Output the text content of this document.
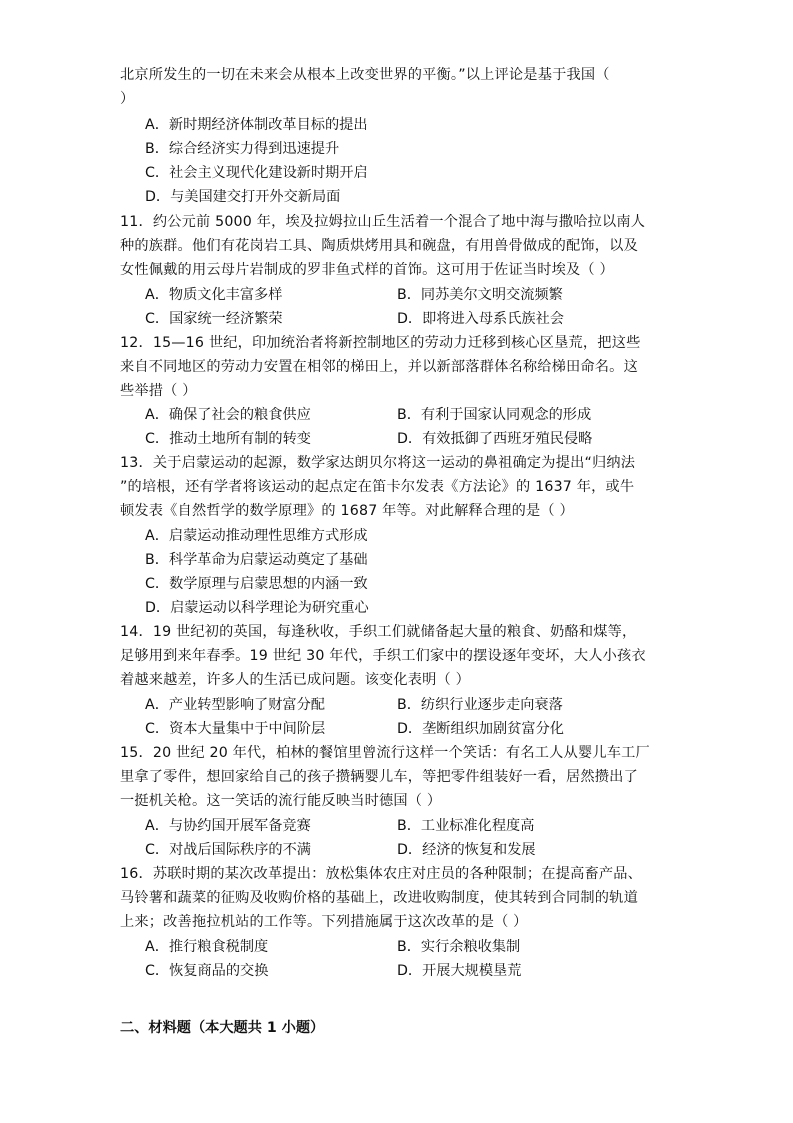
北京所发生的一切在未来会从根本上改变世界的平衡。”以上评论是基于我国（
）
A．新时期经济体制改革目标的提出
B．综合经济实力得到迅速提升
C．社会主义现代化建设新时期开启
D．与美国建交打开外交新局面
11．约公元前 5000 年，埃及拉姆拉山丘生活着一个混合了地中海与撒哈拉以南人
种的族群。他们有花岗岩工具、陶质烘烤用具和碗盘，有用兽骨做成的配饰，以及
女性佩戴的用云母片岩制成的罗非鱼式样的首饰。这可用于佐证当时埃及（ ）
A．物质文化丰富多样	B．同苏美尔文明交流频繁
C．国家统一经济繁荣	D．即将进入母系氏族社会
12．15—16 世纪，印加统治者将新控制地区的劳动力迁移到核心区垦荒，把这些
来自不同地区的劳动力安置在相邻的梯田上，并以新部落群体名称给梯田命名。这
些举措（ ）
A．确保了社会的粮食供应	B．有利于国家认同观念的形成
C．推动土地所有制的转变	D．有效抵御了西班牙殖民侵略
13．关于启蒙运动的起源，数学家达朗贝尔将这一运动的鼻祖确定为提出“归纳法
”的培根，还有学者将该运动的起点定在笛卡尔发表《方法论》的 1637 年，或牛
顿发表《自然哲学的数学原理》的 1687 年等。对此解释合理的是（ ）
A．启蒙运动推动理性思维方式形成
B．科学革命为启蒙运动奠定了基础
C．数学原理与启蒙思想的内涵一致
D．启蒙运动以科学理论为研究重心
14．19 世纪初的英国，每逢秋收，手织工们就储备起大量的粮食、奶酪和煤等，
足够用到来年春季。19 世纪 30 年代，手织工们家中的摆设逐年变坏，大人小孩衣
着越来越差，许多人的生活已成问题。该变化表明（ ）
A．产业转型影响了财富分配	B．纺织行业逐步走向衰落
C．资本大量集中于中间阶层	D．垄断组织加剧贫富分化
15．20 世纪 20 年代，柏林的餐馆里曾流行这样一个笑话：有名工人从婴儿车工厂
里拿了零件，想回家给自己的孩子攒辆婴儿车，等把零件组装好一看，居然攒出了
一挺机关枪。这一笑话的流行能反映当时德国（ ）
A．与协约国开展军备竞赛	B．工业标准化程度高
C．对战后国际秩序的不满	D．经济的恢复和发展
16．苏联时期的某次改革提出：放松集体农庄对庄员的各种限制；在提高畜产品、
马铃薯和蔬菜的征购及收购价格的基础上，改进收购制度，使其转到合同制的轨道
上来；改善拖拉机站的工作等。下列措施属于这次改革的是（ ）
A．推行粮食税制度	B．实行余粮收集制
C．恢复商品的交换	D．开展大规模垦荒
二、材料题（本大题共 1 小题）
